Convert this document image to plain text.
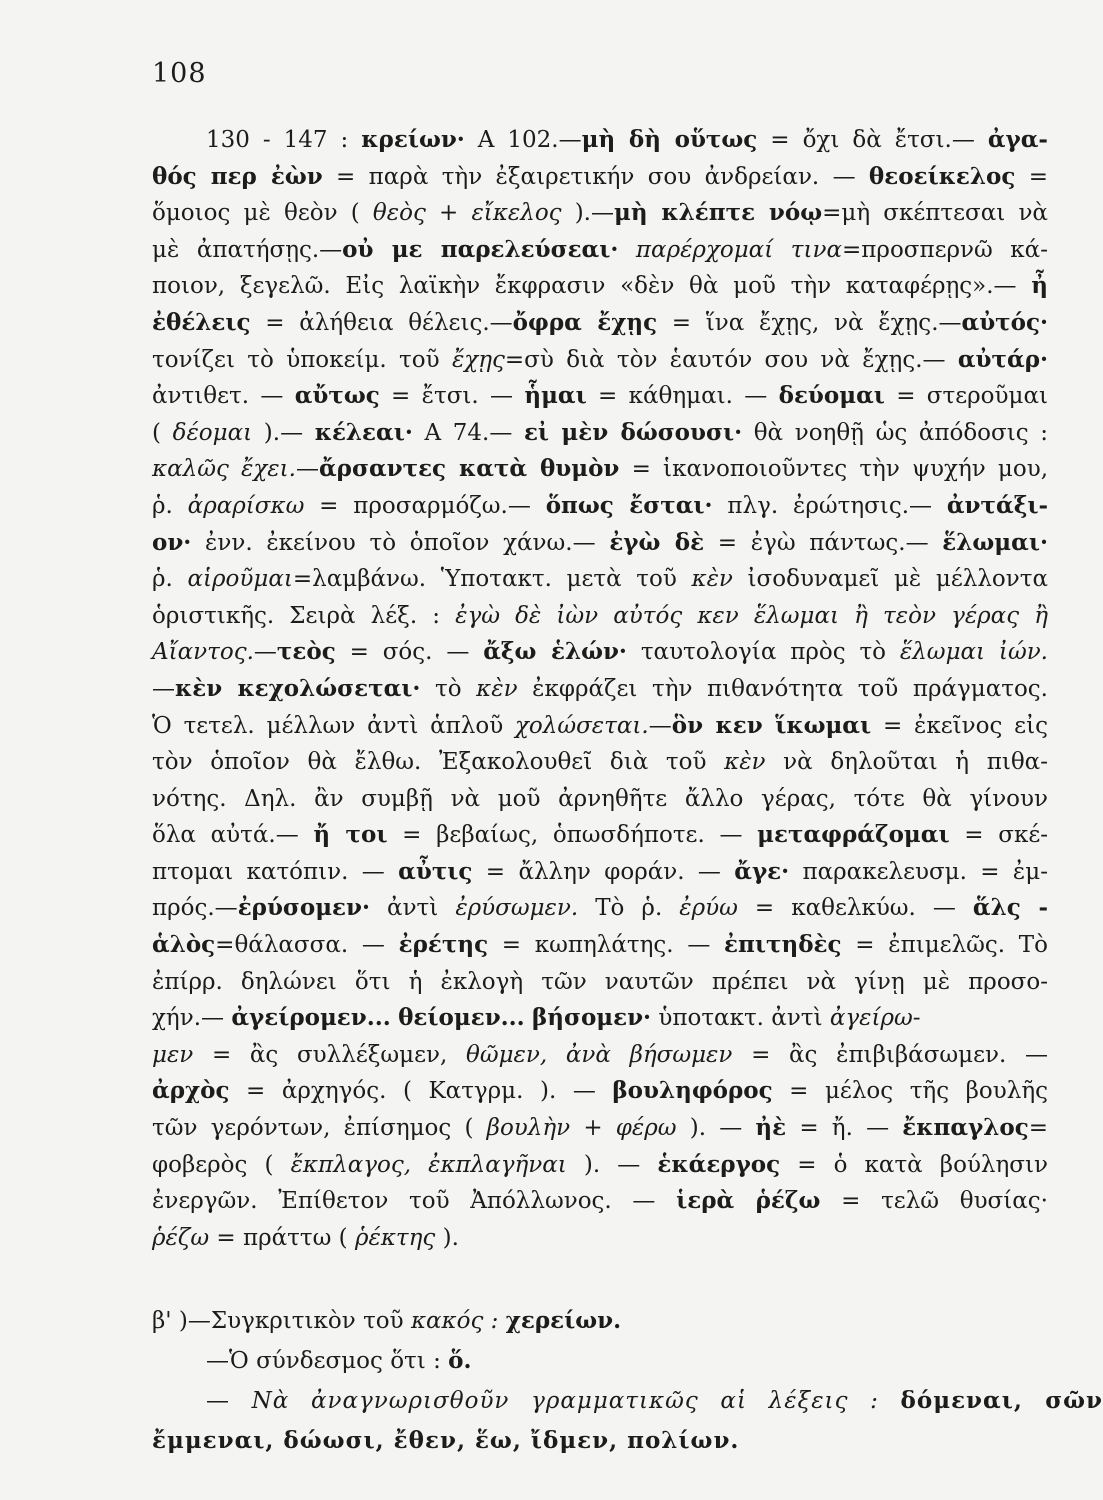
108
130 - 147 : κρείων· Α 102.—μὴ δὴ οὕτως = ὄχι δὰ ἔτσι.— ἀγα-
θός περ ἐὼν = παρὰ τὴν ἐξαιρετικήν σου ἀνδρείαν. — θεοείκελος =
ὅμοιος μὲ θεὸν ( θεὸς + εἴκελος ).—μὴ κλέπτε νόῳ=μὴ σκέπτεσαι νὰ
μὲ ἀπατήσῃς.—οὐ με παρελεύσεαι· παρέρχομαί τινα=προσπερνῶ κά-
ποιον, ξεγελῶ. Εἰς λαϊκὴν ἔκφρασιν «δὲν θὰ μοῦ τὴν καταφέρῃς».— ἦ
ἐθέλεις = ἀλήθεια θέλεις.—ὄφρα ἔχῃς = ἵνα ἔχῃς, νὰ ἔχῃς.—αὐτός·
τονίζει τὸ ὑποκείμ. τοῦ ἔχῃς=σὺ διὰ τὸν ἑαυτόν σου νὰ ἔχῃς.— αὐτάρ·
ἀντιθετ. — αὔτως = ἔτσι. — ἧμαι = κάθημαι. — δεύομαι = στεροῦμαι
( δέομαι ).— κέλεαι· Α 74.— εἰ μὲν δώσουσι· θὰ νοηθῇ ὡς ἀπόδοσις :
καλῶς ἔχει.—ἄρσαντες κατὰ θυμὸν = ἱκανοποιοῦντες τὴν ψυχήν μου,
ῥ. ἀραρίσκω = προσαρμόζω.— ὅπως ἔσται· πλγ. ἐρώτησις.— ἀντάξι-
ον· ἐνν. ἐκείνου τὸ ὁποῖον χάνω.— ἐγὼ δὲ = ἐγὼ πάντως.— ἕλωμαι·
ῥ. αἱροῦμαι=λαμβάνω. Ὑποτακτ. μετὰ τοῦ κὲν ἰσοδυναμεῖ μὲ μέλλοντα
ὁριστικῆς. Σειρὰ λέξ. : ἐγὼ δὲ ἰὼν αὐτός κεν ἕλωμαι ἢ τεὸν γέρας ἢ
Αἴαντος.—τεὸς = σός. — ἄξω ἑλών· ταυτολογία πρὸς τὸ ἕλωμαι ἰών.
—κὲν κεχολώσεται· τὸ κὲν ἐκφράζει τὴν πιθανότητα τοῦ πράγματος.
Ὁ τετελ. μέλλων ἀντὶ ἁπλοῦ χολώσεται.—ὃν κεν ἵκωμαι = ἐκεῖνος εἰς
τὸν ὁποῖον θὰ ἔλθω. Ἐξακολουθεῖ διὰ τοῦ κὲν νὰ δηλοῦται ἡ πιθα-
νότης. Δηλ. ἂν συμβῇ νὰ μοῦ ἀρνηθῆτε ἄλλο γέρας, τότε θὰ γίνουν
ὅλα αὐτά.— ἤ τοι = βεβαίως, ὁπωσδήποτε. — μεταφράζομαι = σκέ-
πτομαι κατόπιν. — αὖτις = ἄλλην φοράν. — ἄγε· παρακελευσμ. = ἐμ-
πρός.—ἐρύσομεν· ἀντὶ ἐρύσωμεν. Τὸ ῥ. ἐρύω = καθελκύω. — ἅλς -
ἁλὸς=θάλασσα. — ἐρέτης = κωπηλάτης. — ἐπιτηδὲς = ἐπιμελῶς. Τὸ
ἐπίρρ. δηλώνει ὅτι ἡ ἐκλογὴ τῶν ναυτῶν πρέπει νὰ γίνῃ μὲ προσο-
χήν.— ἀγείρομεν... θείομεν... βήσομεν· ὑποτακτ. ἀντὶ ἀγείρω-
μεν = ἂς συλλέξωμεν, θῶμεν, ἀνὰ βήσωμεν = ἂς ἐπιβιβάσωμεν. —
ἀρχὸς = ἀρχηγός. ( Κατγρμ. ). — βουληφόρος = μέλος τῆς βουλῆς
τῶν γερόντων, ἐπίσημος ( βουλὴν + φέρω ). — ἠὲ = ἤ. — ἔκπαγλος=
φοβερὸς ( ἔκπλαγος, ἐκπλαγῆναι ). — ἑκάεργος = ὁ κατὰ βούλησιν
ἐνεργῶν. Ἐπίθετον τοῦ Ἀπόλλωνος. — ἱερὰ ῥέζω = τελῶ θυσίας·
ῥέζω = πράττω ( ῥέκτης ).
β' )—Συγκριτικὸν τοῦ κακός : χερείων.
—Ὁ σύνδεσμος ὅτι : ὅ.
— Νὰ ἀναγνωρισθοῦν γραμματικῶς αἱ λέξεις : δόμεναι, σῶν
ἔμμεναι, δώωσι, ἔθεν, ἕω, ἴδμεν, πολίων.
